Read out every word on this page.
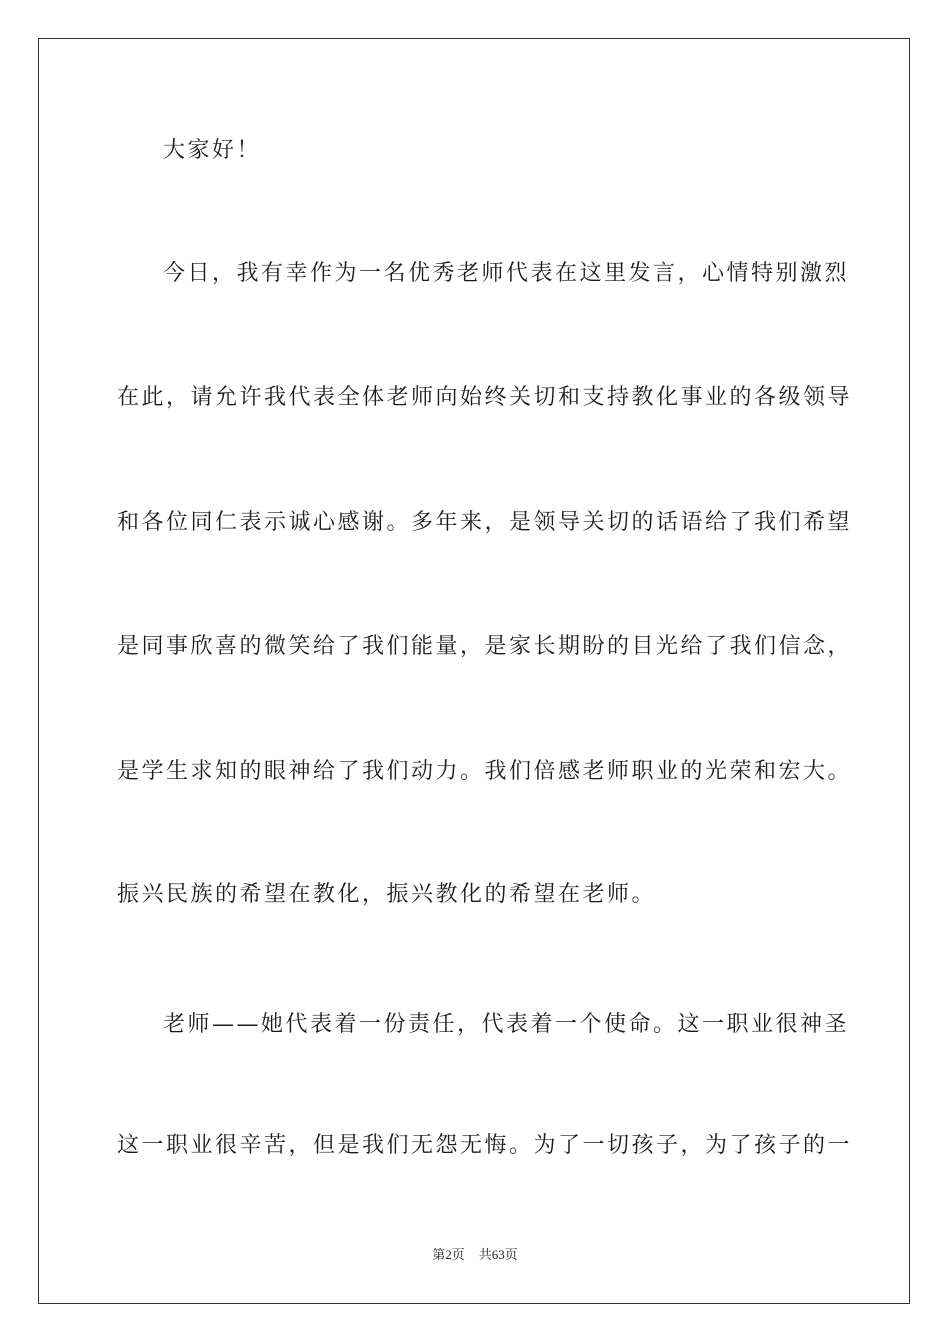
大家好！
今日，我有幸作为一名优秀老师代表在这里发言，心情特别激烈
在此，请允许我代表全体老师向始终关切和支持教化事业的各级领导
和各位同仁表示诚心感谢。多年来，是领导关切的话语给了我们希望
是同事欣喜的微笑给了我们能量，是家长期盼的目光给了我们信念，
是学生求知的眼神给了我们动力。我们倍感老师职业的光荣和宏大。
振兴民族的希望在教化，振兴教化的希望在老师。
老师——她代表着一份责任，代表着一个使命。这一职业很神圣
这一职业很辛苦，但是我们无怨无悔。为了一切孩子，为了孩子的一
第2页 共63页
